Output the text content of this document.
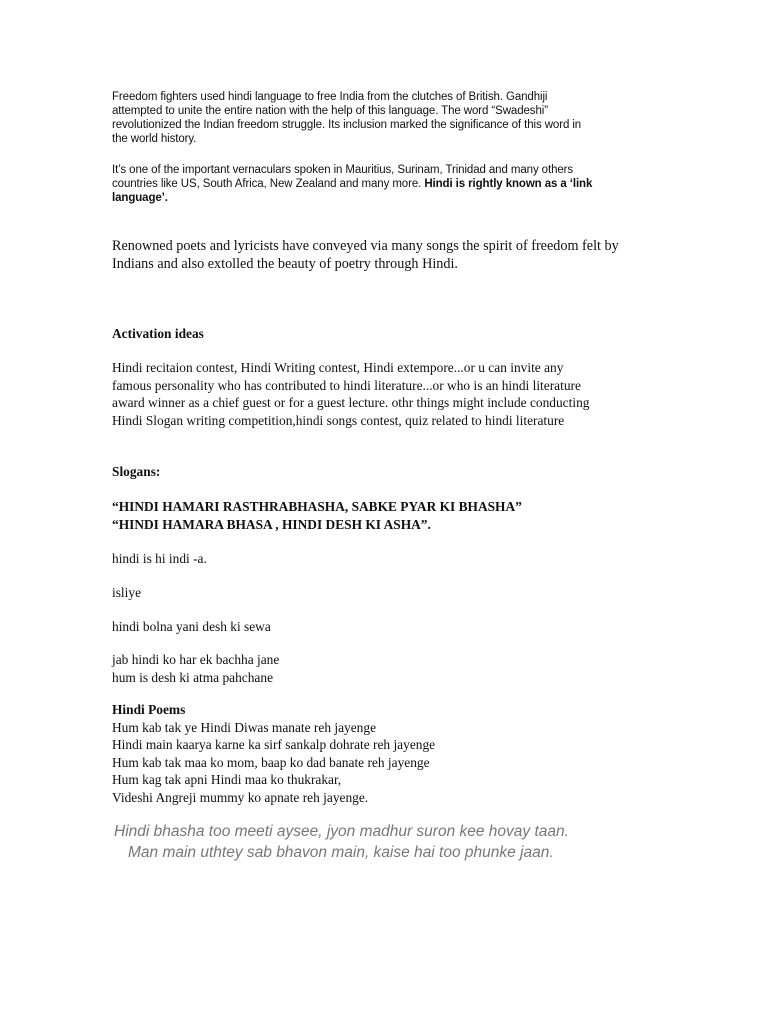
Freedom fighters used hindi language to free India from the clutches of British. Gandhiji
attempted to unite the entire nation with the help of this language. The word “Swadeshi”
revolutionized the Indian freedom struggle. Its inclusion marked the significance of this word in
the world history.
It’s one of the important vernaculars spoken in Mauritius, Surinam, Trinidad and many others
countries like US, South Africa, New Zealand and many more. Hindi is rightly known as a ‘link
language’.
Renowned poets and lyricists have conveyed via many songs the spirit of freedom felt by
Indians and also extolled the beauty of poetry through Hindi.
Activation ideas
Hindi recitaion contest, Hindi Writing contest, Hindi extempore...or u can invite any
famous personality who has contributed to hindi literature...or who is an hindi literature
award winner as a chief guest or for a guest lecture. othr things might include conducting
Hindi Slogan writing competition,hindi songs contest, quiz related to hindi literature
Slogans:
“HINDI HAMARI RASTHRABHASHA, SABKE PYAR KI BHASHA”
“HINDI HAMARA BHASA , HINDI DESH KI ASHA”.
hindi is hi indi -a.
isliye
hindi bolna yani desh ki sewa
jab hindi ko har ek bachha jane
hum is desh ki atma pahchane
Hindi Poems
Hum kab tak ye Hindi Diwas manate reh jayenge
Hindi main kaarya karne ka sirf sankalp dohrate reh jayenge
Hum kab tak maa ko mom, baap ko dad banate reh jayenge
Hum kag tak apni Hindi maa ko thukrakar,
Videshi Angreji mummy ko apnate reh jayenge.
Hindi bhasha too meeti aysee, jyon madhur suron kee hovay taan.
Man main uthtey sab bhavon main, kaise hai too phunke jaan.
